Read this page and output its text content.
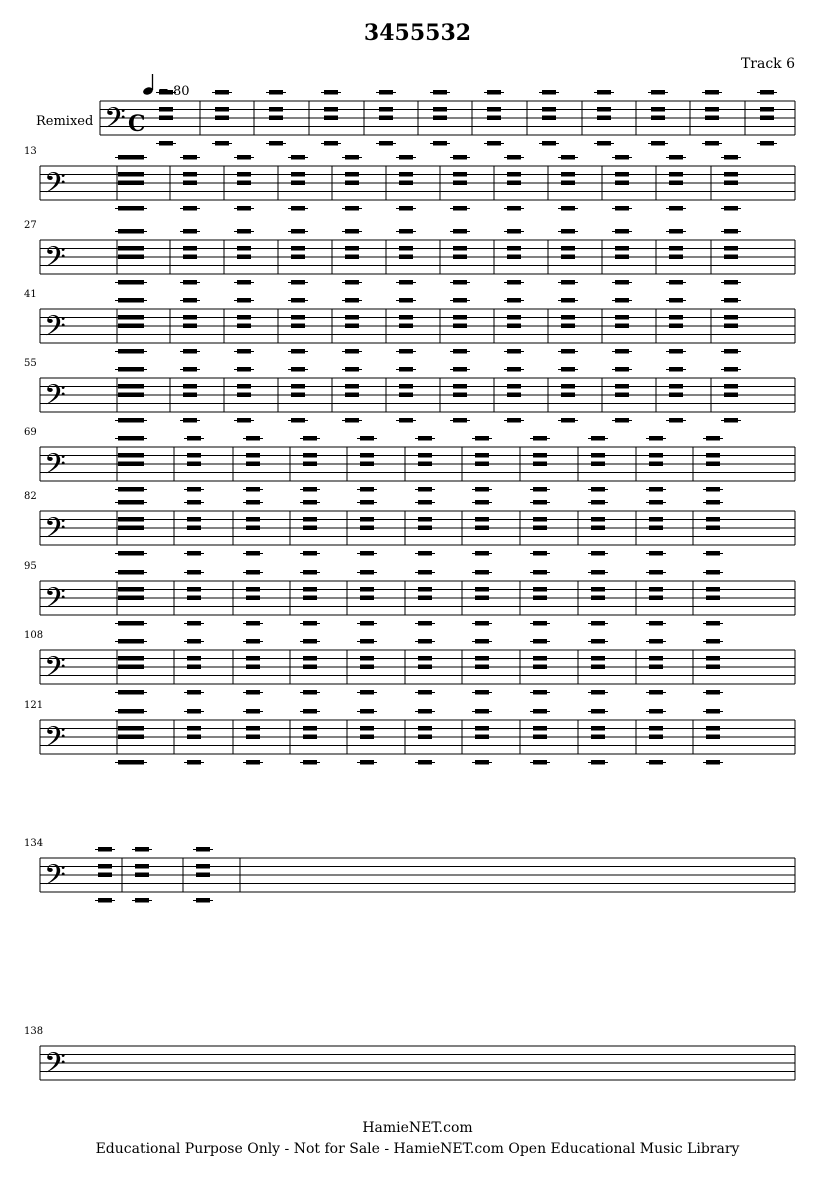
3455532
Track 6
𝄢
𝄢
13
𝄢
27
𝄢
41
𝄢
55
𝄢
69
𝄢
82
𝄢
95
𝄢
108
𝄢
121
𝄢
134
𝄢
138
= 80
Remixed C
HamieNET.com
Educational Purpose Only - Not for Sale - HamieNET.com Open Educational Music Library
